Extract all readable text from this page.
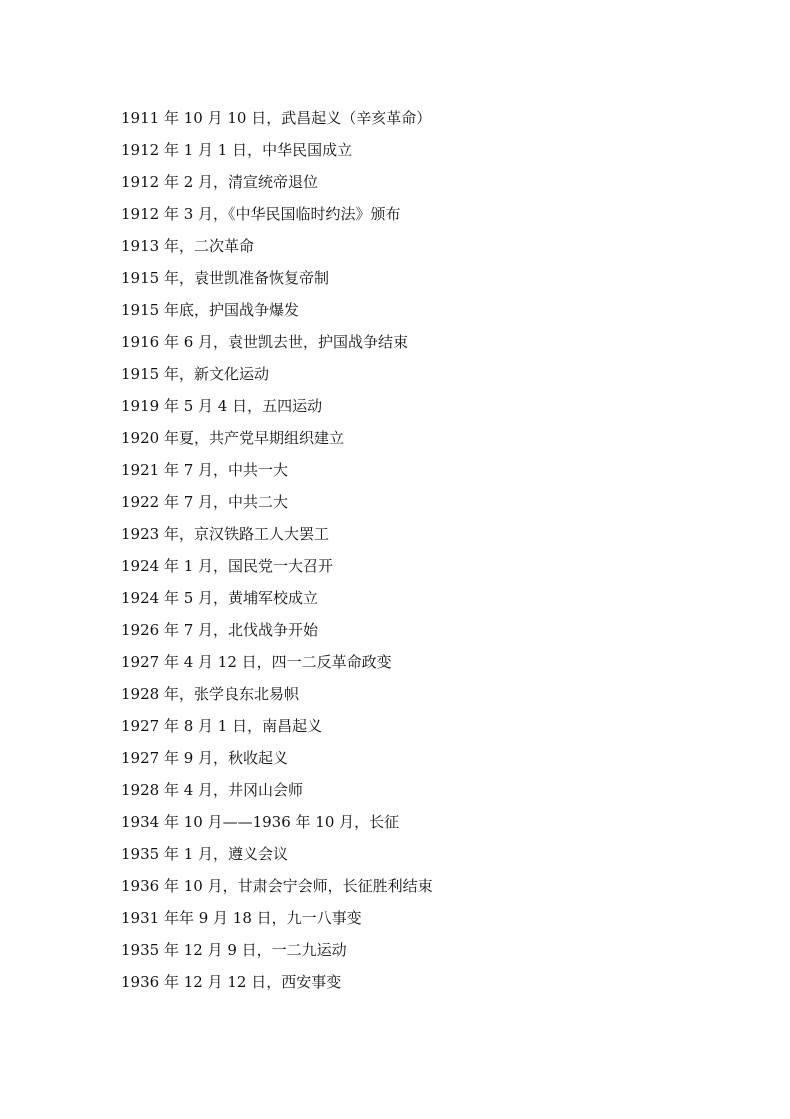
1911 年 10 月 10 日，武昌起义（辛亥革命）
1912 年 1 月 1 日，中华民国成立
1912 年 2 月，清宣统帝退位
1912 年 3 月，《中华民国临时约法》颁布
1913 年，二次革命
1915 年，袁世凯准备恢复帝制
1915 年底，护国战争爆发
1916 年 6 月，袁世凯去世，护国战争结束
1915 年，新文化运动
1919 年 5 月 4 日，五四运动
1920 年夏，共产党早期组织建立
1921 年 7 月，中共一大
1922 年 7 月，中共二大
1923 年，京汉铁路工人大罢工
1924 年 1 月，国民党一大召开
1924 年 5 月，黄埔军校成立
1926 年 7 月，北伐战争开始
1927 年 4 月 12 日，四一二反革命政变
1928 年，张学良东北易帜
1927 年 8 月 1 日，南昌起义
1927 年 9 月，秋收起义
1928 年 4 月，井冈山会师
1934 年 10 月——1936 年 10 月，长征
1935 年 1 月，遵义会议
1936 年 10 月，甘肃会宁会师，长征胜利结束
1931 年年 9 月 18 日，九一八事变
1935 年 12 月 9 日，一二九运动
1936 年 12 月 12 日，西安事变
